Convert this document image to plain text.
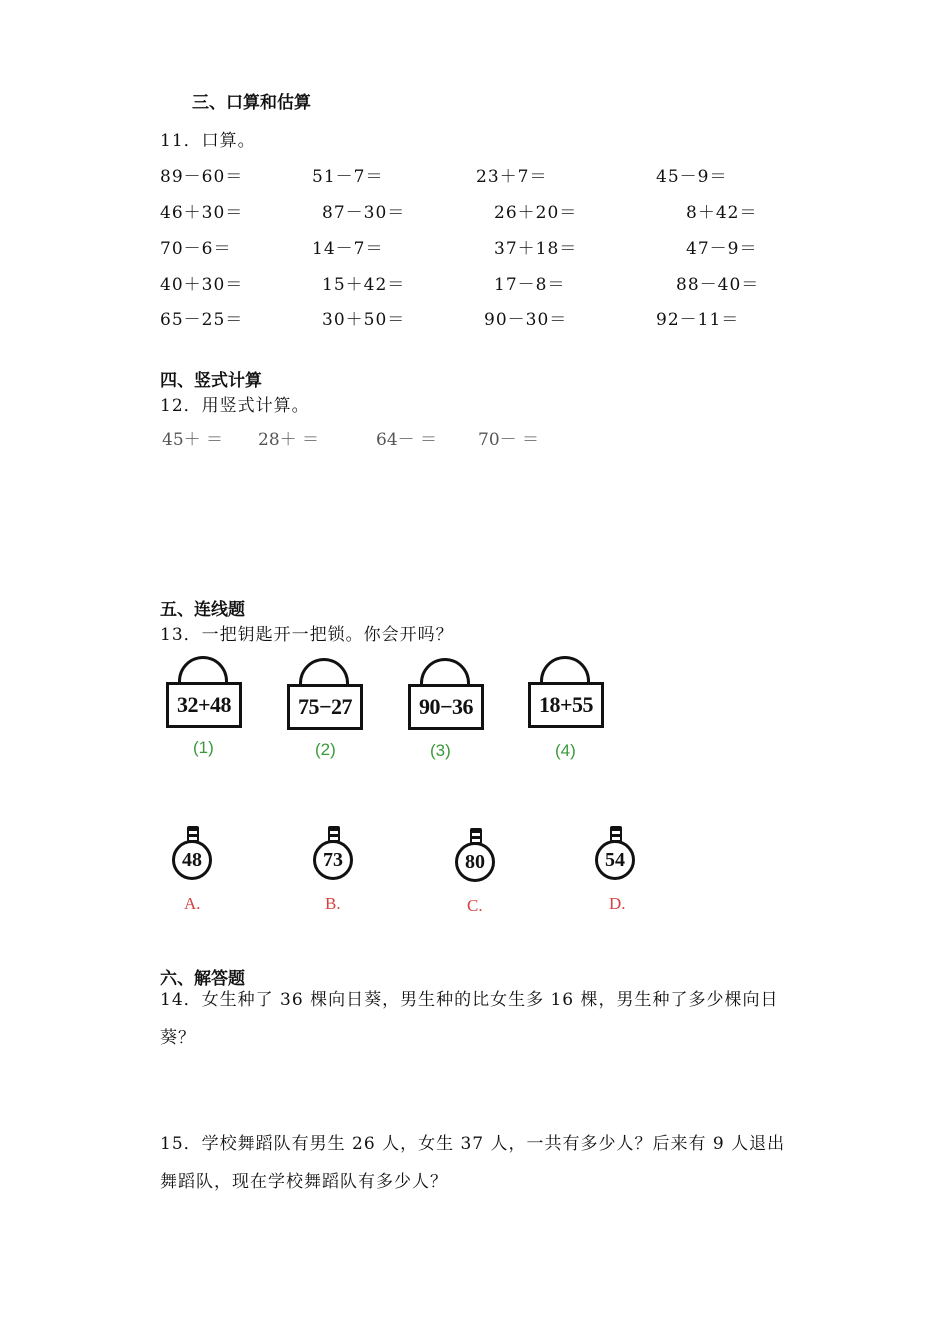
三、口算和估算
11．口算。
89－60＝	51－7＝	23＋7＝	45－9＝
46＋30＝	87－30＝	26＋20＝	8＋42＝
70－6＝	14－7＝	37＋18＝	47－9＝
40＋30＝	15＋42＝	17－8＝	88－40＝
65－25＝	30＋50＝	90－30＝	92－11＝
四、竖式计算
12．用竖式计算。
45＋ ＝ 28＋ ＝	64－ ＝ 70－ ＝
五、连线题
13．一把钥匙开一把锁。你会开吗？
32+48
(1)
75−27
(2)
90−36
(3)
18+55
(4)
48
A.
73
B.
80
C.
54
D.
六、解答题
14．女生种了 36 棵向日葵，男生种的比女生多 16 棵，男生种了多少棵向日葵？
15．学校舞蹈队有男生 26 人，女生 37 人，一共有多少人？后来有 9 人退出舞蹈队，现在学校舞蹈队有多少人？
